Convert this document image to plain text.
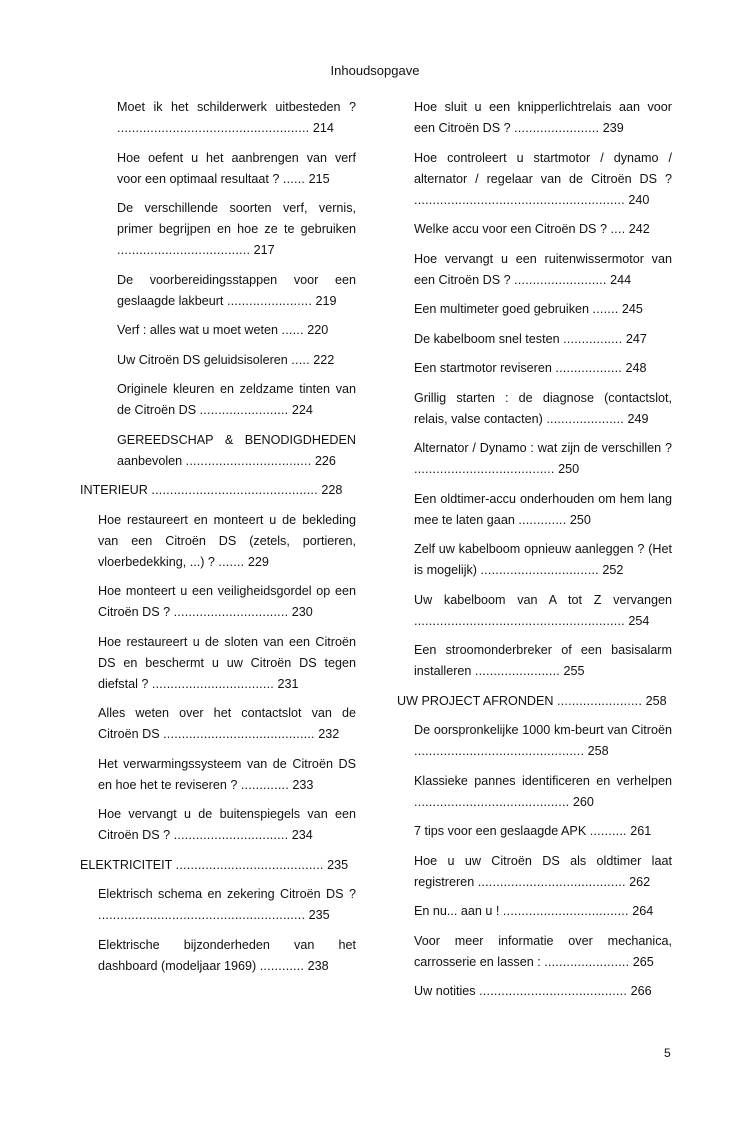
Inhoudsopgave
Moet ik het schilderwerk uitbesteden ? .................................................... 214
Hoe oefent u het aanbrengen van verf voor een optimaal resultaat ? ...... 215
De verschillende soorten verf, vernis, primer begrijpen en hoe ze te gebruiken .................................... 217
De voorbereidingsstappen voor een geslaagde lakbeurt ....................... 219
Verf : alles wat u moet weten ...... 220
Uw Citroën DS geluidsisoleren ..... 222
Originele kleuren en zeldzame tinten van de Citroën DS ........................ 224
GEREEDSCHAP & BENODIGDHEDEN aanbevolen .................................. 226
INTERIEUR ............................................. 228
Hoe restaureert en monteert u de bekleding van een Citroën DS (zetels, portieren, vloerbedekking, ...) ? ....... 229
Hoe monteert u een veiligheidsgordel op een Citroën DS ? ............................... 230
Hoe restaureert u de sloten van een Citroën DS en beschermt u uw Citroën DS tegen diefstal ? ................................. 231
Alles weten over het contactslot van de Citroën DS ......................................... 232
Het verwarmingssysteem van de Citroën DS en hoe het te reviseren ? ............. 233
Hoe vervangt u de buitenspiegels van een Citroën DS ? ............................... 234
ELEKTRICITEIT ........................................ 235
Elektrisch schema en zekering Citroën DS ? ........................................................ 235
Elektrische bijzonderheden van het dashboard (modeljaar 1969) ............ 238
Hoe sluit u een knipperlichtrelais aan voor een Citroën DS ? ....................... 239
Hoe controleert u startmotor / dynamo / alternator / regelaar van de Citroën DS ? ......................................................... 240
Welke accu voor een Citroën DS ? .... 242
Hoe vervangt u een ruitenwissermotor van een Citroën DS ? ......................... 244
Een multimeter goed gebruiken ....... 245
De kabelboom snel testen ................ 247
Een startmotor reviseren .................. 248
Grillig starten : de diagnose (contactslot, relais, valse contacten) ..................... 249
Alternator / Dynamo : wat zijn de verschillen ? ...................................... 250
Een oldtimer-accu onderhouden om hem lang mee te laten gaan ............. 250
Zelf uw kabelboom opnieuw aanleggen ? (Het is mogelijk) ................................ 252
Uw kabelboom van A tot Z vervangen ......................................................... 254
Een stroomonderbreker of een basisalarm installeren ....................... 255
UW PROJECT AFRONDEN ....................... 258
De oorspronkelijke 1000 km-beurt van Citroën .............................................. 258
Klassieke pannes identificeren en verhelpen .......................................... 260
7 tips voor een geslaagde APK .......... 261
Hoe u uw Citroën DS als oldtimer laat registreren ........................................ 262
En nu... aan u ! .................................. 264
Voor meer informatie over mechanica, carrosserie en lassen : ....................... 265
Uw notities ........................................ 266
5
